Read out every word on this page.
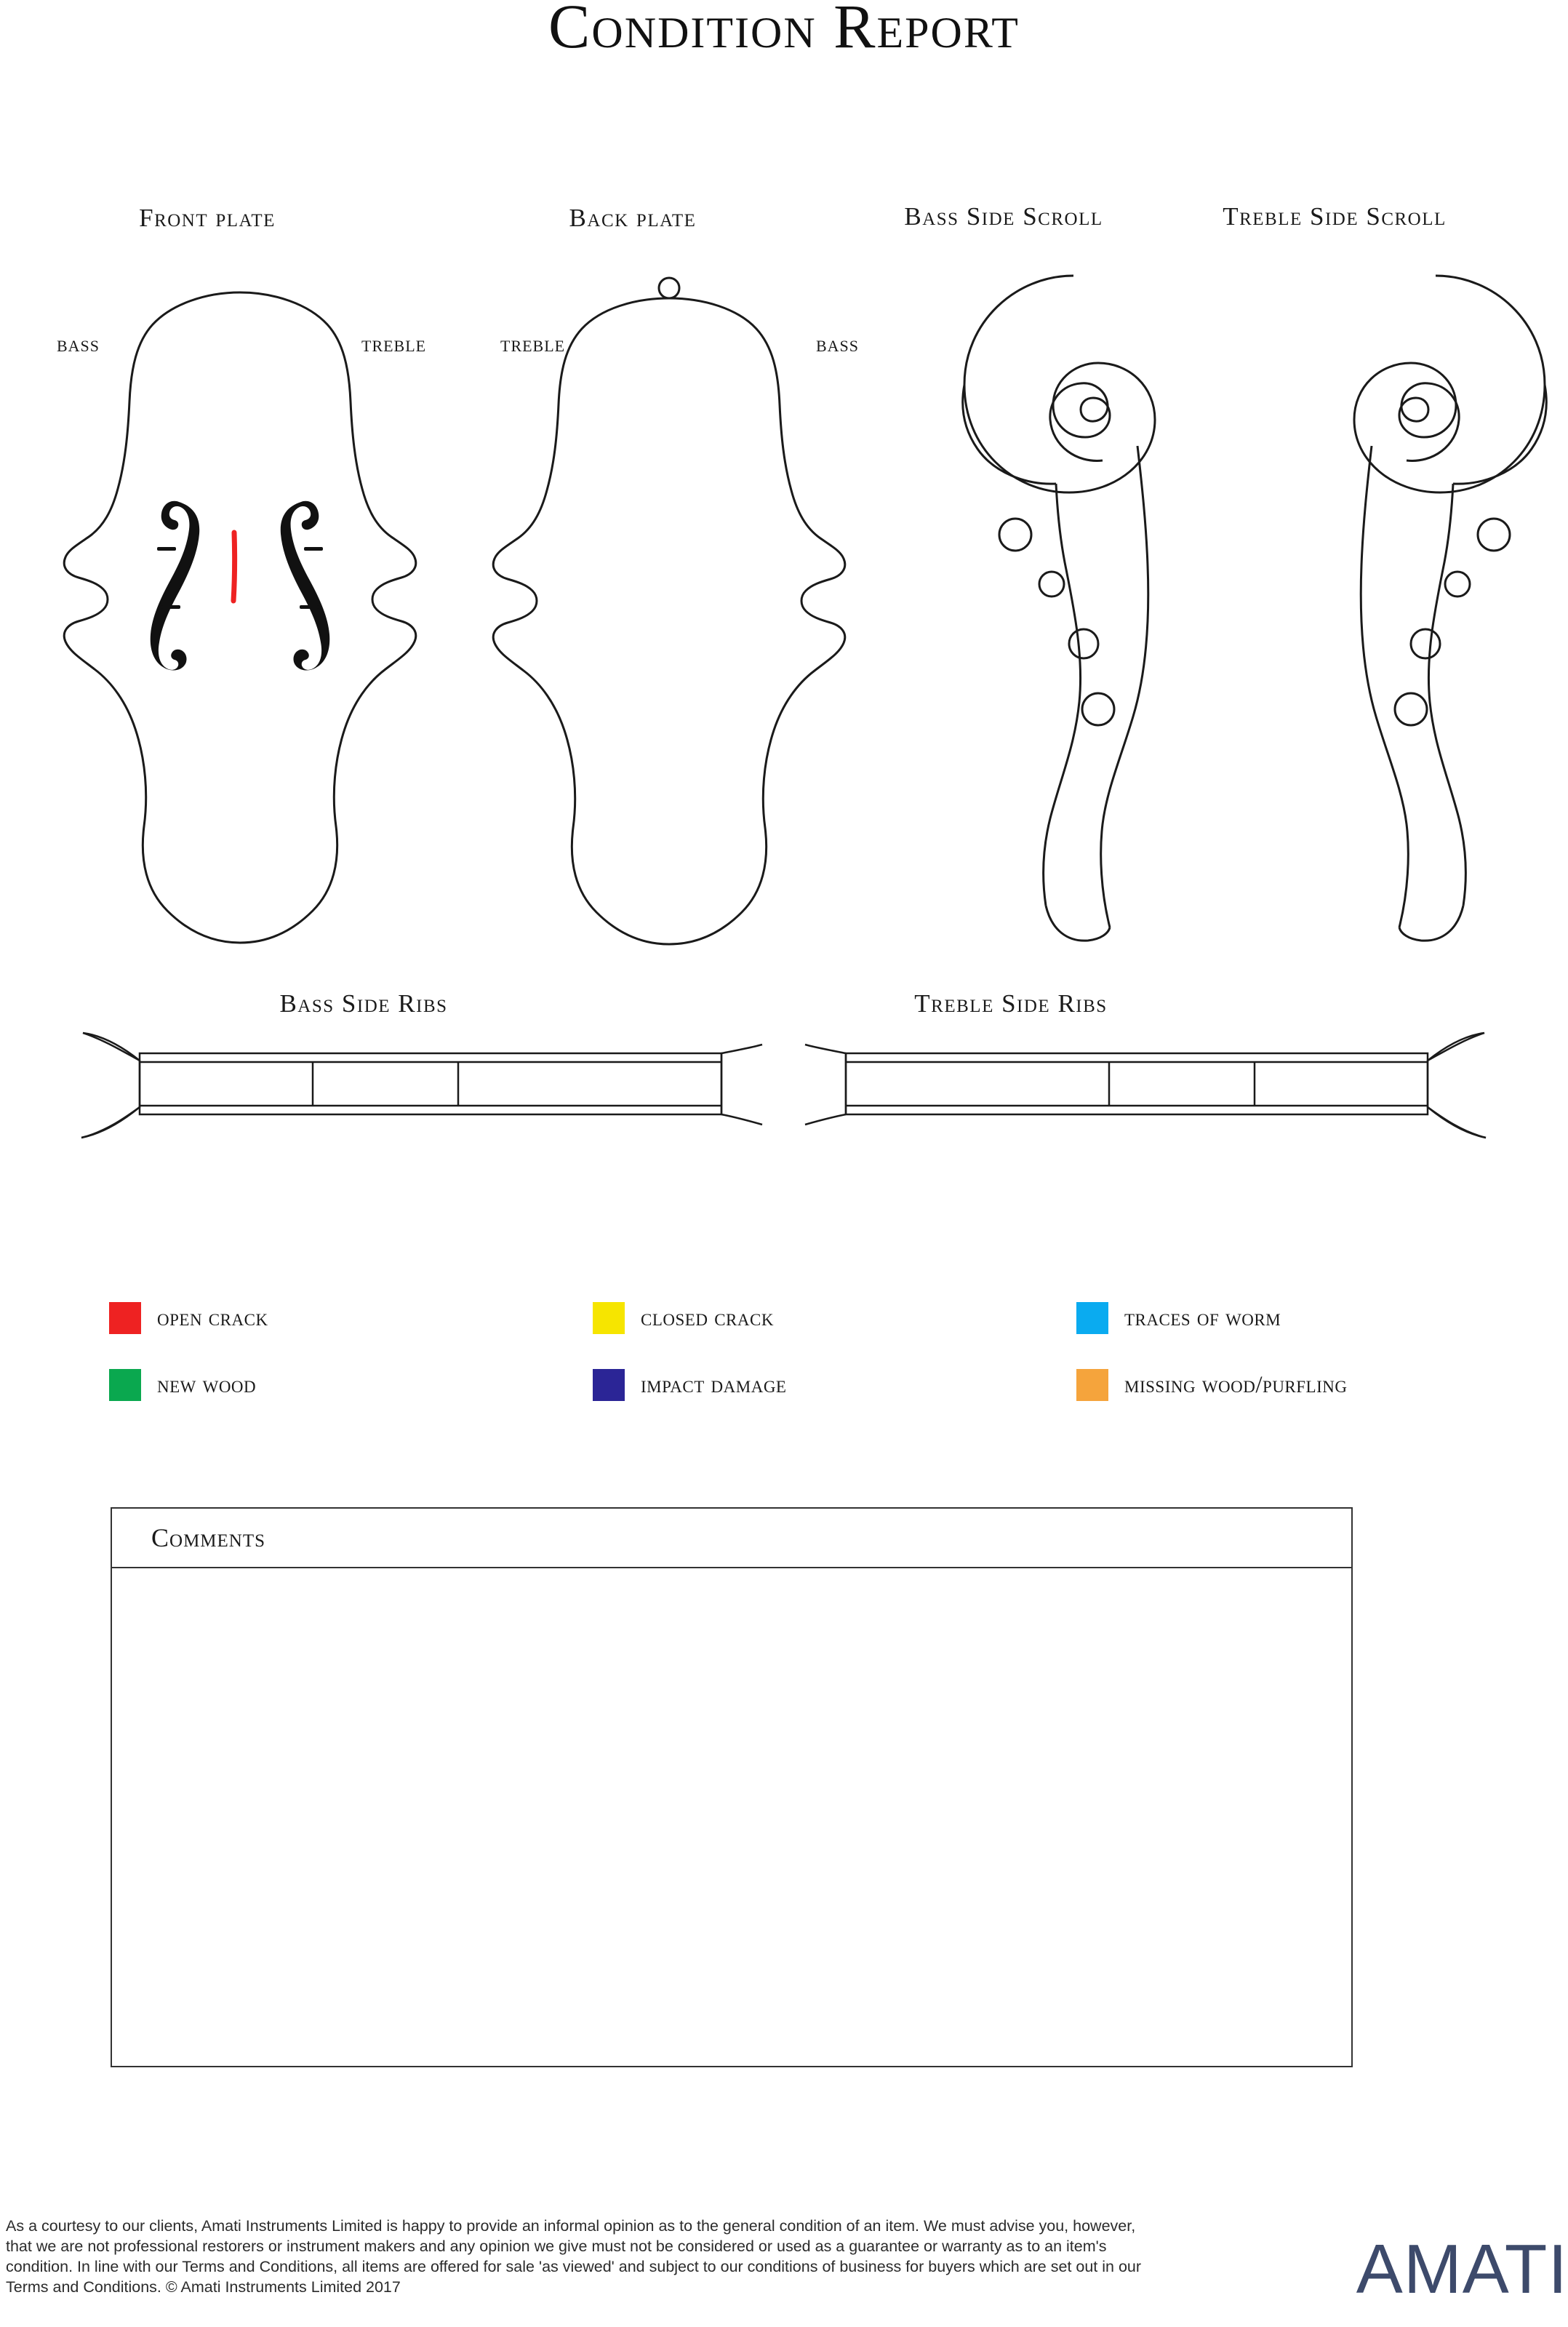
Condition Report
Front plate	Back plate	Bass Side Scroll	Treble Side Scroll
BASS	TREBLE	TREBLE	BASS
Bass Side Ribs	Treble Side Ribs
open crack	closed crack	traces of worm
new wood	impact damage	missing wood/purfling
Comments
As a courtesy to our clients, Amati Instruments Limited is happy to provide an informal opinion as to the general condition of an item. We must advise you, however, that we are not professional restorers or instrument makers and any opinion we give must not be considered or used as a guarantee or warranty as to an item's condition. In line with our Terms and Conditions, all items are offered for sale 'as viewed' and subject to our conditions of business for buyers which are set out in our Terms and Conditions. © Amati Instruments Limited 2017	AMATI
